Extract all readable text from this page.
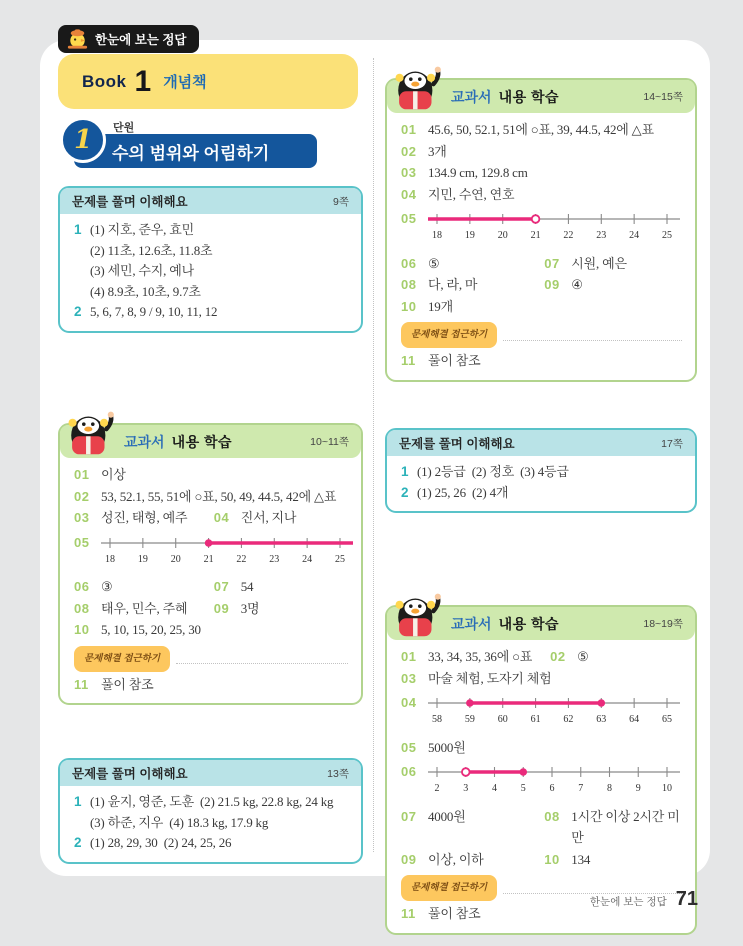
한눈에 보는 정답
Book 1 개념책
수의 범위와 어림하기
1 단원
문제를 풀며 이해해요	9쪽
1 (1) 지호, 준우, 효민
(2) 11초, 12.6초, 11.8초
(3) 세민, 수지, 예나
(4) 8.9초, 10초, 9.7초
2 5, 6, 7, 8, 9 / 9, 10, 11, 12
교과서 내용 학습	10~11쪽
01 이상
02 53, 52.1, 55, 51에 ○표, 50, 49, 44.5, 42에 △표
03 성진, 태형, 예주 04 진서, 지나
05
18 19 20 21 22 23 24 25
06 ③	07 54
08 태우, 민수, 주혜 09 3명
10 5, 10, 15, 20, 25, 30
문제해결 접근하기
11 풀이 참조
문제를 풀며 이해해요	13쪽
1 (1) 윤지, 영준, 도훈  (2) 21.5 kg, 22.8 kg, 24 kg
(3) 하준, 지우  (4) 18.3 kg, 17.9 kg
2 (1) 28, 29, 30  (2) 24, 25, 26
교과서 내용 학습	14~15쪽
01 45.6, 50, 52.1, 51에 ○표, 39, 44.5, 42에 △표
02 3개
03 134.9 cm, 129.8 cm
04 지민, 수연, 연호
05
18 19 20 21 22 23 24 25
06 ⑤	07 시원, 예은
08 다, 라, 마	09 ④
10 19개
문제해결 접근하기
11 풀이 참조
문제를 풀며 이해해요	17쪽
1 (1) 2등급  (2) 정호  (3) 4등급
2 (1) 25, 26  (2) 4개
교과서 내용 학습	18~19쪽
01 33, 34, 35, 36에 ○표 02 ⑤
03 마술 체험, 도자기 체험
04
58 59 60 61 62 63 64 65
05 5000원
06
2 3 4 5 6 7 8 9 10
07 4000원	08 1시간 이상 2시간 미만
09 이상, 이하	10 134
문제해결 접근하기
11 풀이 참조
한눈에 보는 정답 71
